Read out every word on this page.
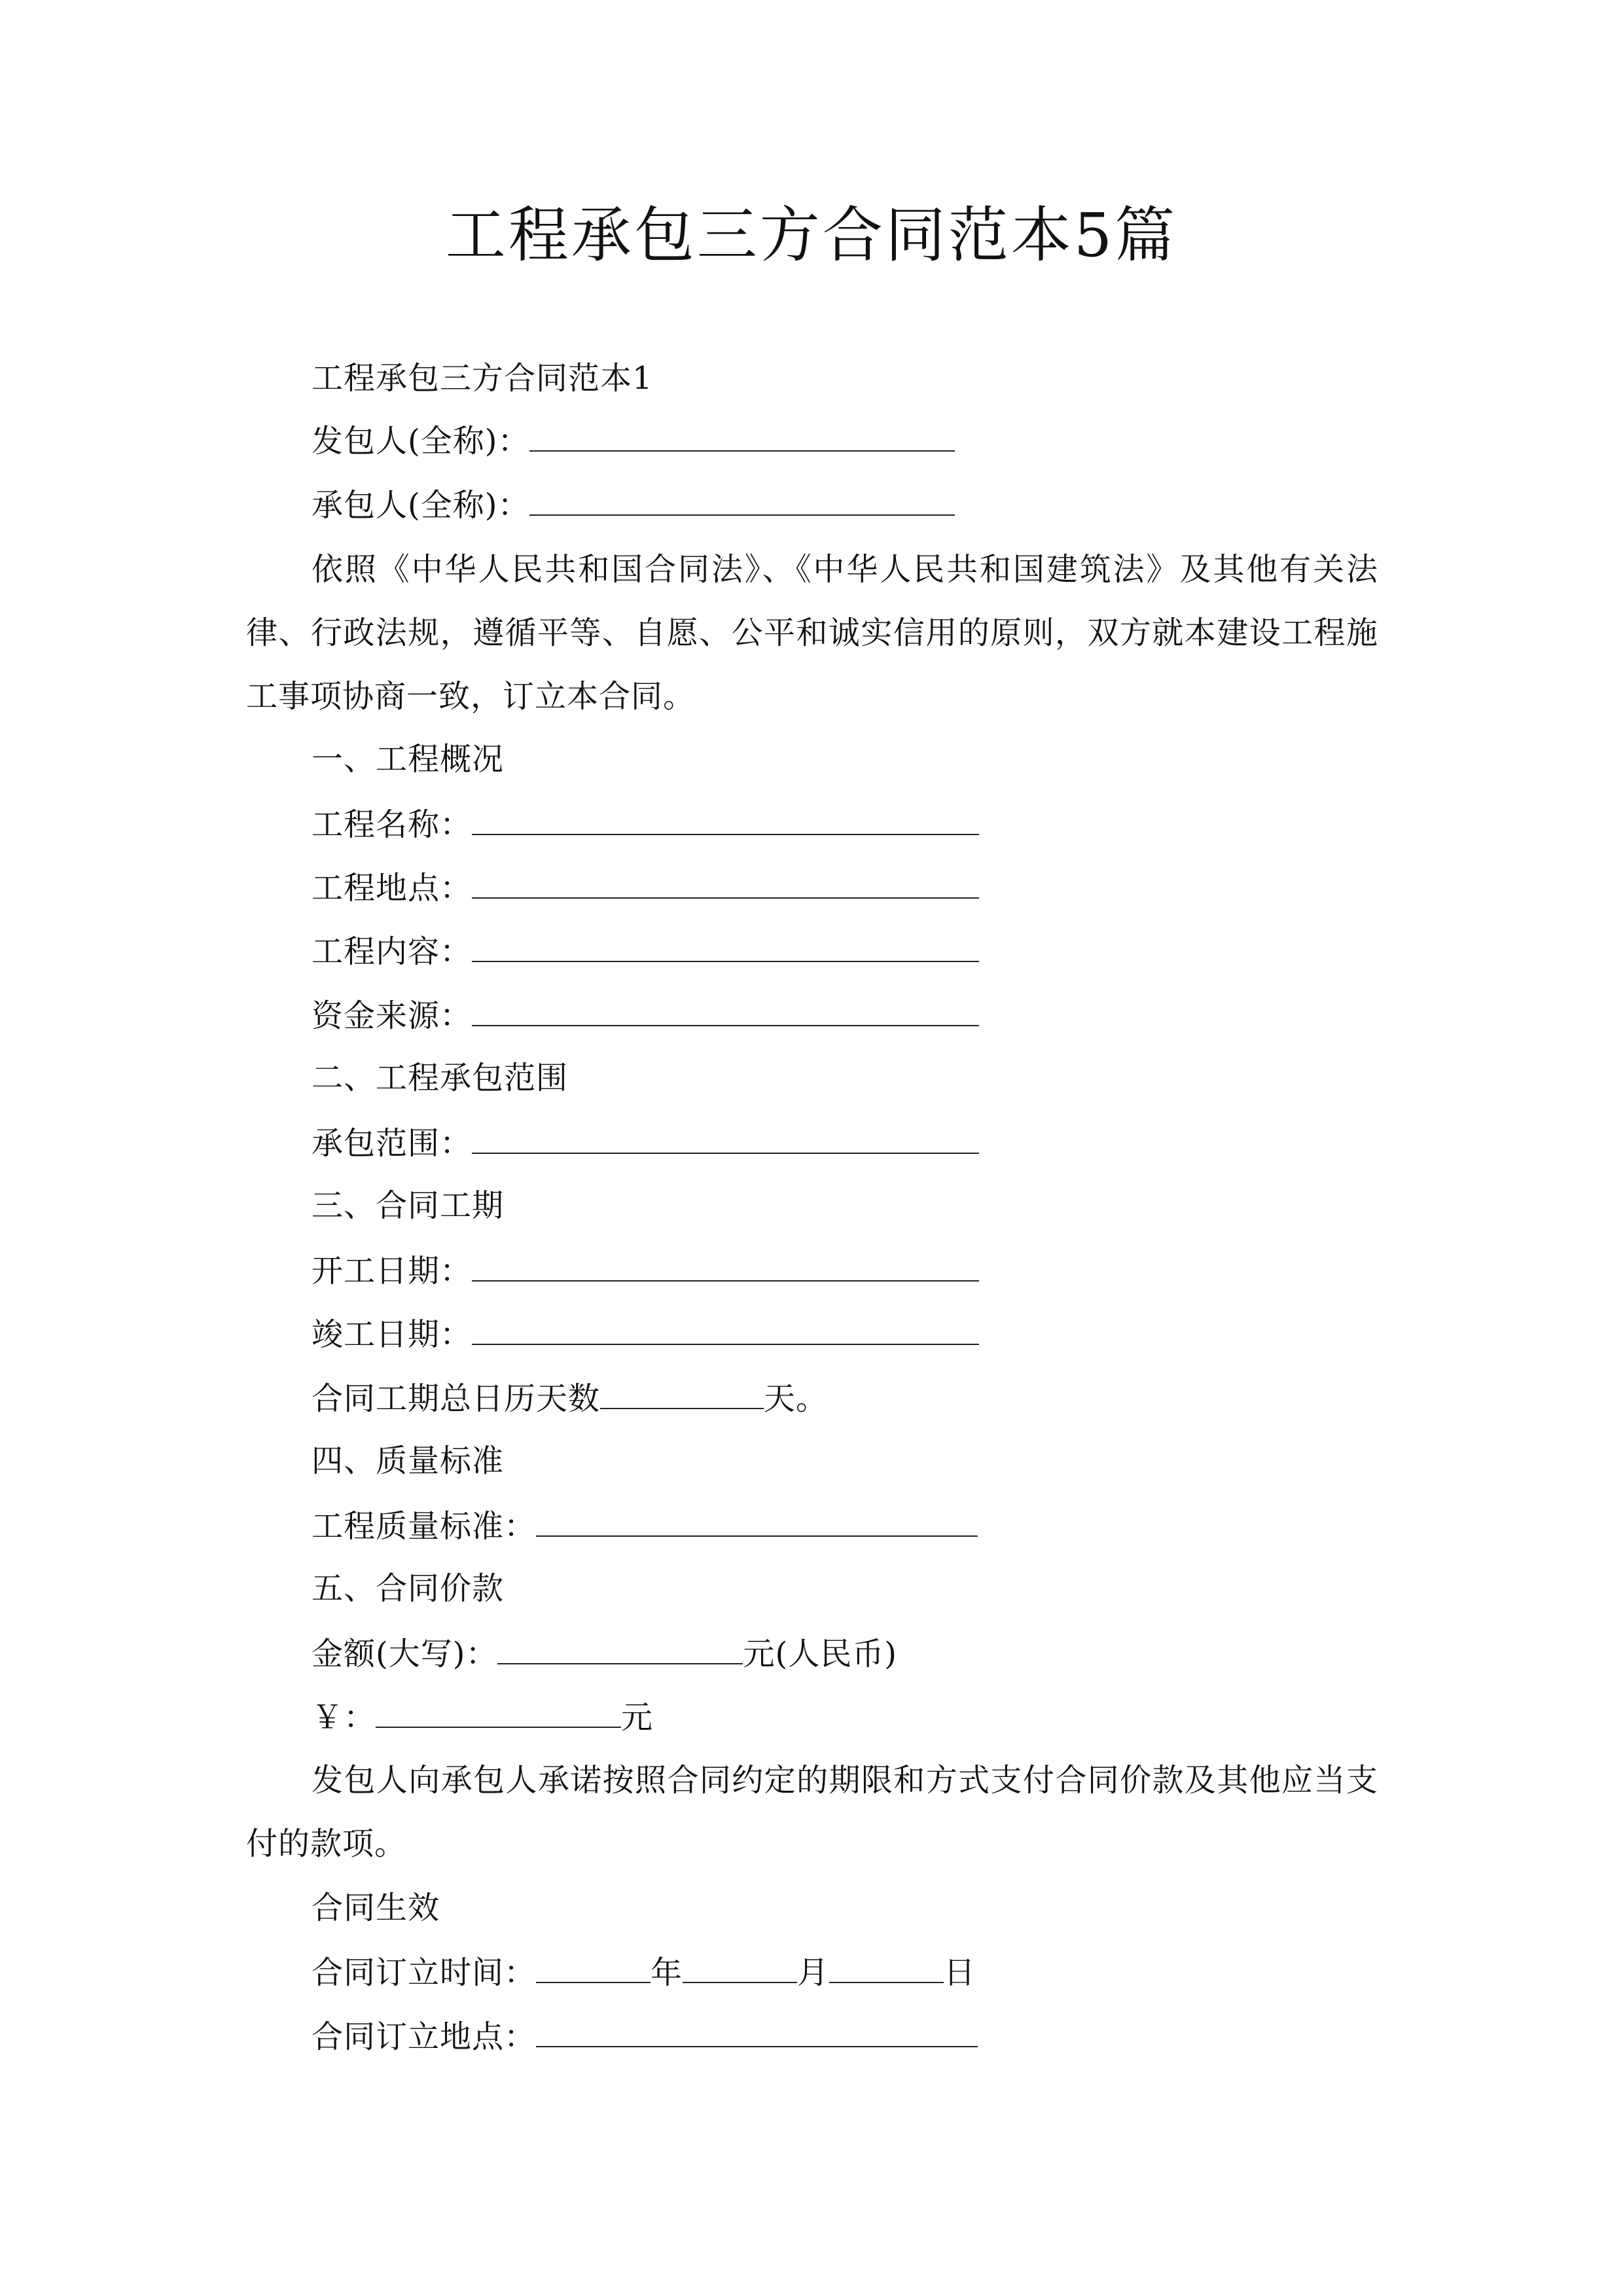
工程承包三方合同范本5篇
工程承包三方合同范本1
发包人(全称)：
承包人(全称)：

依照《中华人民共和国合同法》、《中华人民共和国建筑法》及其他有关法律、行政法规，遵循平等、自愿、公平和诚实信用的原则，双方就本建设工程施工事项协商一致，订立本合同。

一、工程概况
工程名称：
工程地点：
工程内容：
资金来源：
二、工程承包范围
承包范围：
三、合同工期
开工日期：
竣工日期：
合同工期总日历天数	天。
四、质量标准
工程质量标准：
五、合同价款
金额(大写)：	元(人民币)
￥：	元

发包人向承包人承诺按照合同约定的期限和方式支付合同价款及其他应当支付的款项。

合同生效
合同订立时间：	年	月	日
合同订立地点：
